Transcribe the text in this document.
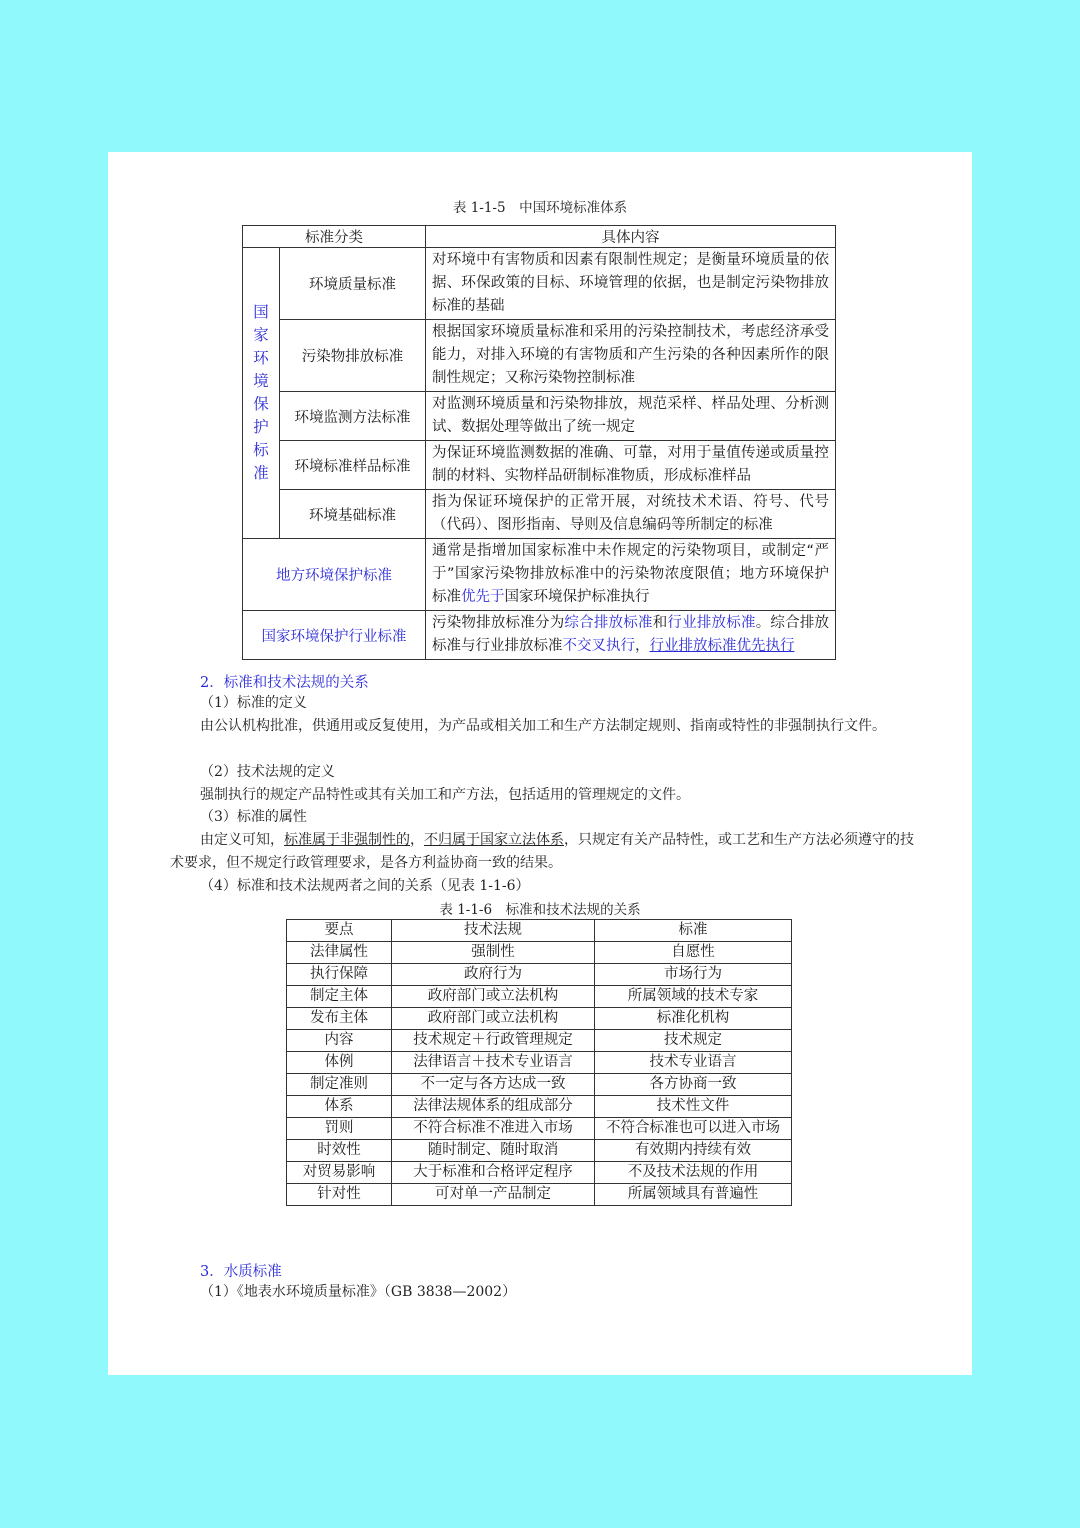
表 1-1-5　中国环境标准体系
标准分类		具体内容

国家环境保护标准	环境质量标准	对环境中有害物质和因素有限制性规定；是衡量环境质量的依据、环保政策的目标、环境管理的依据，也是制定污染物排放标准的基础
	污染物排放标准	根据国家环境质量标准和采用的污染控制技术，考虑经济承受能力，对排入环境的有害物质和产生污染的各种因素所作的限制性规定；又称污染物控制标准
	环境监测方法标准	对监测环境质量和污染物排放，规范采样、样品处理、分析测试、数据处理等做出了统一规定
	环境标准样品标准	为保证环境监测数据的准确、可靠，对用于量值传递或质量控制的材料、实物样品研制标准物质，形成标准样品
	环境基础标准	指为保证环境保护的正常开展，对统技术术语、符号、代号（代码）、图形指南、导则及信息编码等所制定的标准
地方环境保护标准		通常是指增加国家标准中未作规定的污染物项目，或制定“严于”国家污染物排放标准中的污染物浓度限值；地方环境保护标准优先于国家环境保护标准执行
国家环境保护行业标准		污染物排放标准分为综合排放标准和行业排放标准。综合排放标准与行业排放标准不交叉执行，行业排放标准优先执行
2．标准和技术法规的关系
（1）标准的定义
由公认机构批准，供通用或反复使用，为产品或相关加工和生产方法制定规则、指南或特性的非强制执行文件。
（2）技术法规的定义
强制执行的规定产品特性或其有关加工和产方法，包括适用的管理规定的文件。
（3）标准的属性
由定义可知，标准属于非强制性的，不归属于国家立法体系，只规定有关产品特性，或工艺和生产方法必须遵守的技术要求，但不规定行政管理要求，是各方利益协商一致的结果。
（4）标准和技术法规两者之间的关系（见表 1-1-6）
表 1-1-6　标准和技术法规的关系
要点	技术法规	标准
法律属性	强制性	自愿性
执行保障	政府行为	市场行为
制定主体	政府部门或立法机构	所属领域的技术专家
发布主体	政府部门或立法机构	标准化机构
内容	技术规定＋行政管理规定	技术规定
体例	法律语言＋技术专业语言	技术专业语言
制定准则	不一定与各方达成一致	各方协商一致
体系	法律法规体系的组成部分	技术性文件
罚则	不符合标准不准进入市场	不符合标准也可以进入市场
时效性	随时制定、随时取消	有效期内持续有效
对贸易影响	大于标准和合格评定程序	不及技术法规的作用
针对性	可对单一产品制定	所属领域具有普遍性
3．水质标准
（1）《地表水环境质量标准》（GB 3838—2002）
